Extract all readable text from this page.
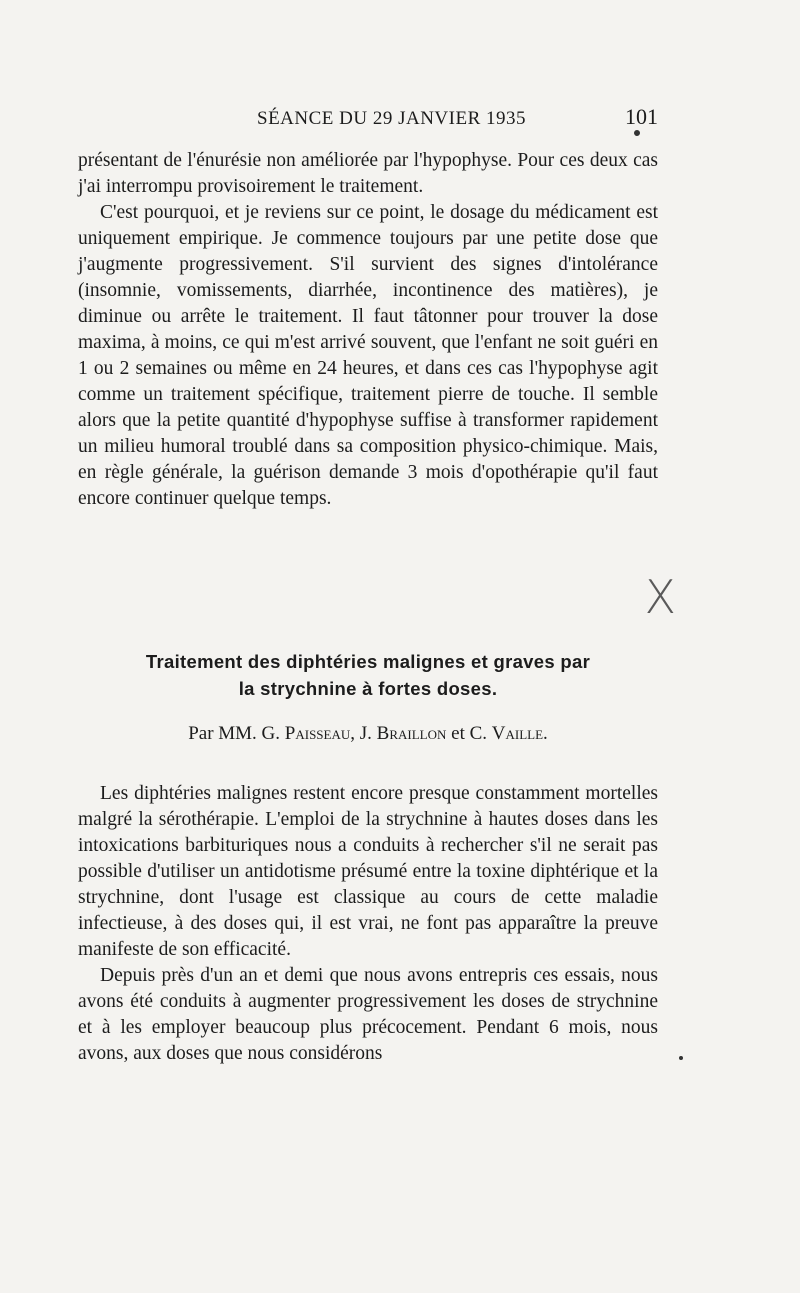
SÉANCE DU 29 JANVIER 1935	101

présentant de l'énurésie non améliorée par l'hypophyse. Pour ces deux cas j'ai interrompu provisoirement le traitement.

C'est pourquoi, et je reviens sur ce point, le dosage du médicament est uniquement empirique. Je commence toujours par une petite dose que j'augmente progressivement. S'il survient des signes d'intolérance (insomnie, vomissements, diarrhée, incontinence des matières), je diminue ou arrête le traitement. Il faut tâtonner pour trouver la dose maxima, à moins, ce qui m'est arrivé souvent, que l'enfant ne soit guéri en 1 ou 2 semaines ou même en 24 heures, et dans ces cas l'hypophyse agit comme un traitement spécifique, traitement pierre de touche. Il semble alors que la petite quantité d'hypophyse suffise à transformer rapidement un milieu humoral troublé dans sa composition physico-chimique. Mais, en règle générale, la guérison demande 3 mois d'opothérapie qu'il faut encore continuer quelque temps.

X
Traitement des diphtéries malignes et graves par
la strychnine à fortes doses.
Par MM. G. Paisseau, J. Braillon et C. Vaille.

Les diphtéries malignes restent encore presque constamment mortelles malgré la sérothérapie. L'emploi de la strychnine à hautes doses dans les intoxications barbituriques nous a conduits à rechercher s'il ne serait pas possible d'utiliser un antidotisme présumé entre la toxine diphtérique et la strychnine, dont l'usage est classique au cours de cette maladie infectieuse, à des doses qui, il est vrai, ne font pas apparaître la preuve manifeste de son efficacité.

Depuis près d'un an et demi que nous avons entrepris ces essais, nous avons été conduits à augmenter progressivement les doses de strychnine et à les employer beaucoup plus précocement. Pendant 6 mois, nous avons, aux doses que nous considérons
